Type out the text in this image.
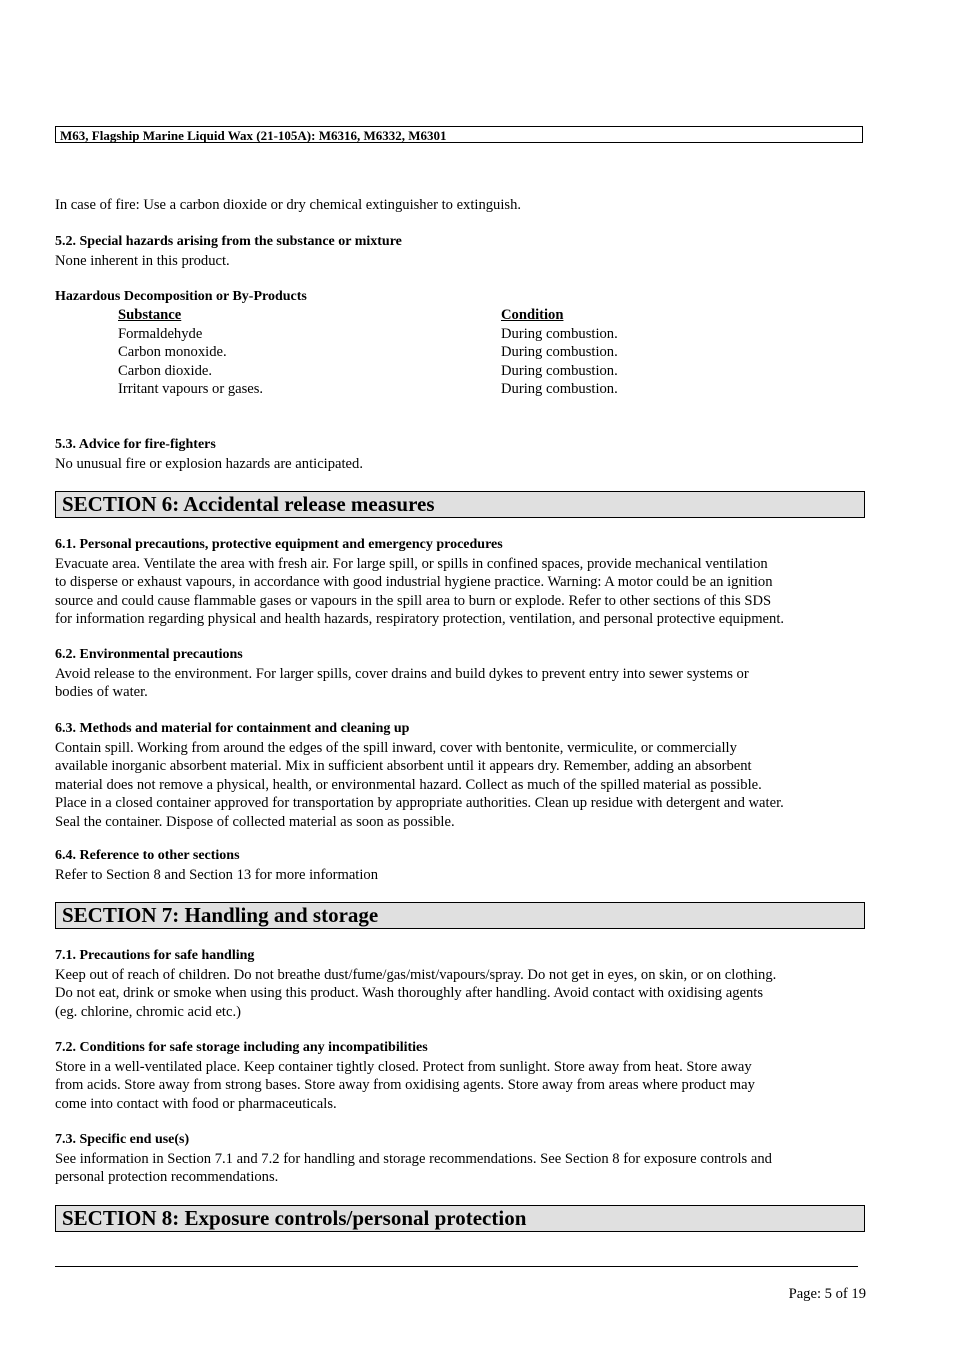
M63, Flagship Marine Liquid Wax (21-105A): M6316, M6332, M6301
In case of fire: Use a carbon dioxide or dry chemical extinguisher to extinguish.
5.2. Special hazards arising from the substance or mixture
None inherent in this product.
Hazardous Decomposition or By-Products
Substance	Condition
Formaldehyde	During combustion.
Carbon monoxide.	During combustion.
Carbon dioxide.	During combustion.
Irritant vapours or gases.	During combustion.
5.3. Advice for fire-fighters
No unusual fire or explosion hazards are anticipated.
SECTION 6: Accidental release measures
6.1. Personal precautions, protective equipment and emergency procedures
Evacuate area. Ventilate the area with fresh air. For large spill, or spills in confined spaces, provide mechanical ventilation
to disperse or exhaust vapours, in accordance with good industrial hygiene practice. Warning: A motor could be an ignition
source and could cause flammable gases or vapours in the spill area to burn or explode. Refer to other sections of this SDS
for information regarding physical and health hazards, respiratory protection, ventilation, and personal protective equipment.
6.2. Environmental precautions
Avoid release to the environment. For larger spills, cover drains and build dykes to prevent entry into sewer systems or
bodies of water.
6.3. Methods and material for containment and cleaning up
Contain spill. Working from around the edges of the spill inward, cover with bentonite, vermiculite, or commercially
available inorganic absorbent material. Mix in sufficient absorbent until it appears dry. Remember, adding an absorbent
material does not remove a physical, health, or environmental hazard. Collect as much of the spilled material as possible.
Place in a closed container approved for transportation by appropriate authorities. Clean up residue with detergent and water.
Seal the container. Dispose of collected material as soon as possible.
6.4. Reference to other sections
Refer to Section 8 and Section 13 for more information
SECTION 7: Handling and storage
7.1. Precautions for safe handling
Keep out of reach of children. Do not breathe dust/fume/gas/mist/vapours/spray. Do not get in eyes, on skin, or on clothing.
Do not eat, drink or smoke when using this product. Wash thoroughly after handling. Avoid contact with oxidising agents
(eg. chlorine, chromic acid etc.)
7.2. Conditions for safe storage including any incompatibilities
Store in a well-ventilated place. Keep container tightly closed. Protect from sunlight. Store away from heat. Store away
from acids. Store away from strong bases. Store away from oxidising agents. Store away from areas where product may
come into contact with food or pharmaceuticals.
7.3. Specific end use(s)
See information in Section 7.1 and 7.2 for handling and storage recommendations. See Section 8 for exposure controls and
personal protection recommendations.
SECTION 8: Exposure controls/personal protection
Page: 5 of 19
